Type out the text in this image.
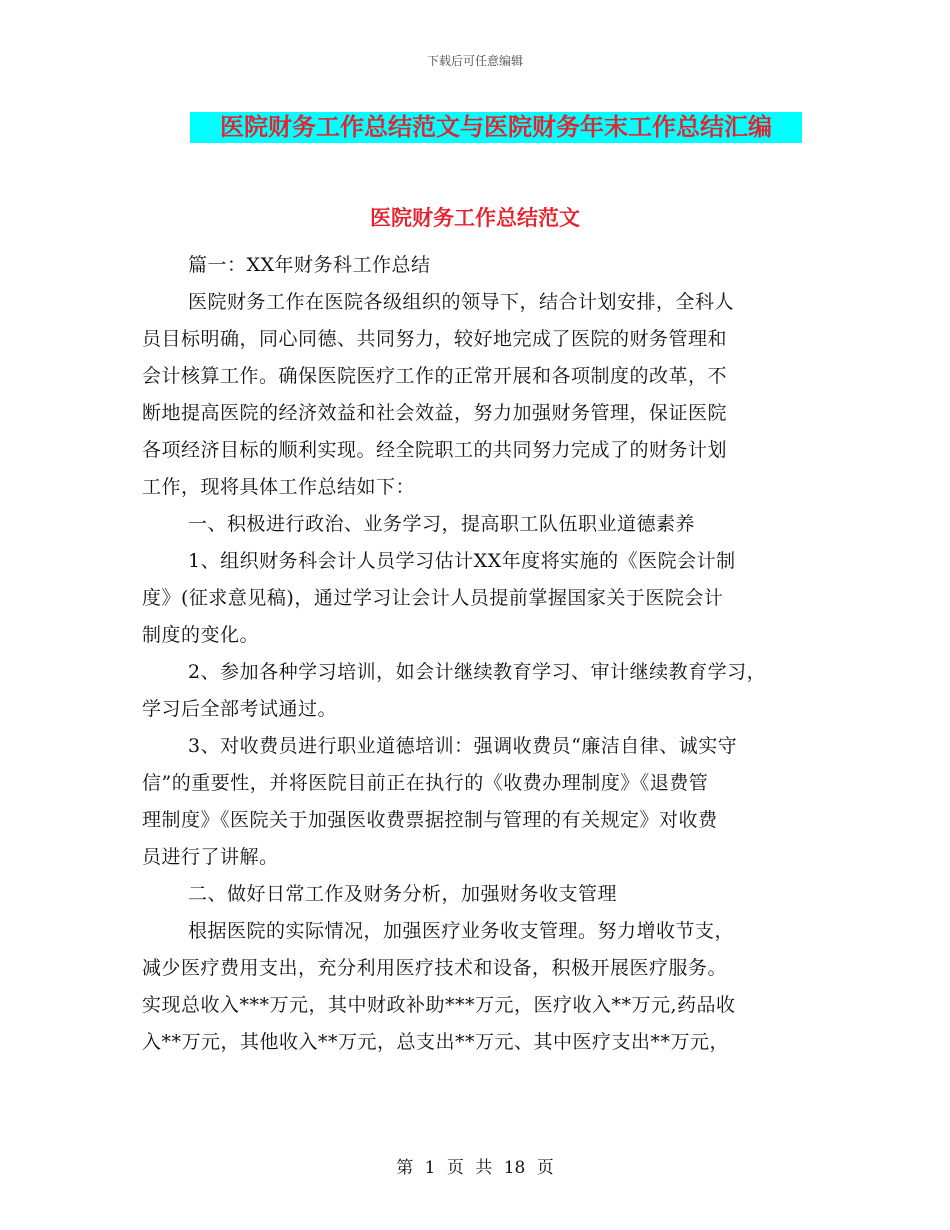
下载后可任意编辑
医院财务工作总结范文与医院财务年末工作总结汇编
医院财务工作总结范文
篇一：XX年财务科工作总结
医院财务工作在医院各级组织的领导下，结合计划安排，全科人
员目标明确，同心同德、共同努力，较好地完成了医院的财务管理和
会计核算工作。确保医院医疗工作的正常开展和各项制度的改革，不
断地提高医院的经济效益和社会效益，努力加强财务管理，保证医院
各项经济目标的顺利实现。经全院职工的共同努力完成了的财务计划
工作，现将具体工作总结如下：
一、积极进行政治、业务学习，提高职工队伍职业道德素养
1、组织财务科会计人员学习估计XX年度将实施的《医院会计制
度》(征求意见稿)，通过学习让会计人员提前掌握国家关于医院会计
制度的变化。
2、参加各种学习培训，如会计继续教育学习、审计继续教育学习，
学习后全部考试通过。
3、对收费员进行职业道德培训：强调收费员“廉洁自律、诚实守
信”的重要性，并将医院目前正在执行的《收费办理制度》《退费管
理制度》《医院关于加强医收费票据控制与管理的有关规定》对收费
员进行了讲解。
二、做好日常工作及财务分析，加强财务收支管理
根据医院的实际情况，加强医疗业务收支管理。努力增收节支，
减少医疗费用支出，充分利用医疗技术和设备，积极开展医疗服务。
实现总收入***万元，其中财政补助***万元，医疗收入**万元,药品收
入**万元，其他收入**万元，总支出**万元、其中医疗支出**万元，
第 1 页 共 18 页
